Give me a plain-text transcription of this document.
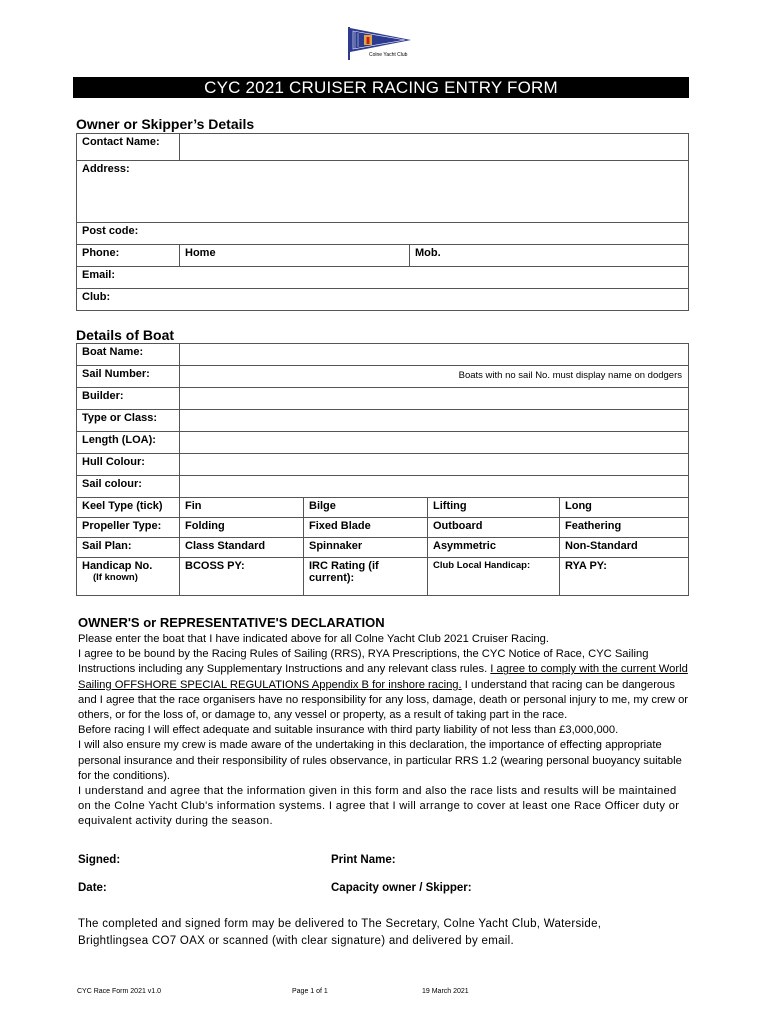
Colne Yacht Club
CYC 2021 CRUISER RACING ENTRY FORM
Owner or Skipper’s Details
Contact Name:		
Address:		
Post code:		
Phone:	Home	Mob.
Email:		
Club:		
Details of Boat
Boat Name:				
Sail Number:	Boats with no sail No. must display name on dodgers			

Builder:				
Type or Class:				
Length (LOA):				
Hull Colour:				
Sail colour:				
Keel Type (tick)	Fin	Bilge	Lifting	Long
Propeller Type:	Folding	Fixed Blade	Outboard	Feathering
Sail Plan:	Class Standard	Spinnaker	Asymmetric	Non-Standard
Handicap No.
(If known)	BCOSS PY:	IRC Rating (if current):	Club Local Handicap:	RYA PY:
OWNER'S or REPRESENTATIVE'S DECLARATION

Please enter the boat that I have indicated above for all Colne Yacht Club 2021 Cruiser Racing.

I agree to be bound by the Racing Rules of Sailing (RRS), RYA Prescriptions, the CYC Notice of Race, CYC Sailing Instructions including any Supplementary Instructions and any relevant class rules. I agree to comply with the current World Sailing OFFSHORE SPECIAL REGULATIONS Appendix B for inshore racing. I understand that racing can be dangerous and I agree that the race organisers have no responsibility for any loss, damage, death or personal injury to me, my crew or others, or for the loss of, or damage to, any vessel or property, as a result of taking part in the race.

Before racing I will effect adequate and suitable insurance with third party liability of not less than £3,000,000.

I will also ensure my crew is made aware of the undertaking in this declaration, the importance of effecting appropriate personal insurance and their responsibility of rules observance, in particular RRS 1.2 (wearing personal buoyancy suitable for the conditions).

I understand and agree that the information given in this form and also the race lists and results will be maintained on the Colne Yacht Club's information systems. I agree that I will arrange to cover at least one Race Officer duty or equivalent activity during the season.

Signed:	Print Name:
Date:	Capacity owner / Skipper:
The completed and signed form may be delivered to The Secretary, Colne Yacht Club, Waterside,
Brightlingsea CO7 OAX or scanned (with clear signature) and delivered by email.
CYC Race Form 2021 v1.0	Page 1 of 1	19 March 2021
